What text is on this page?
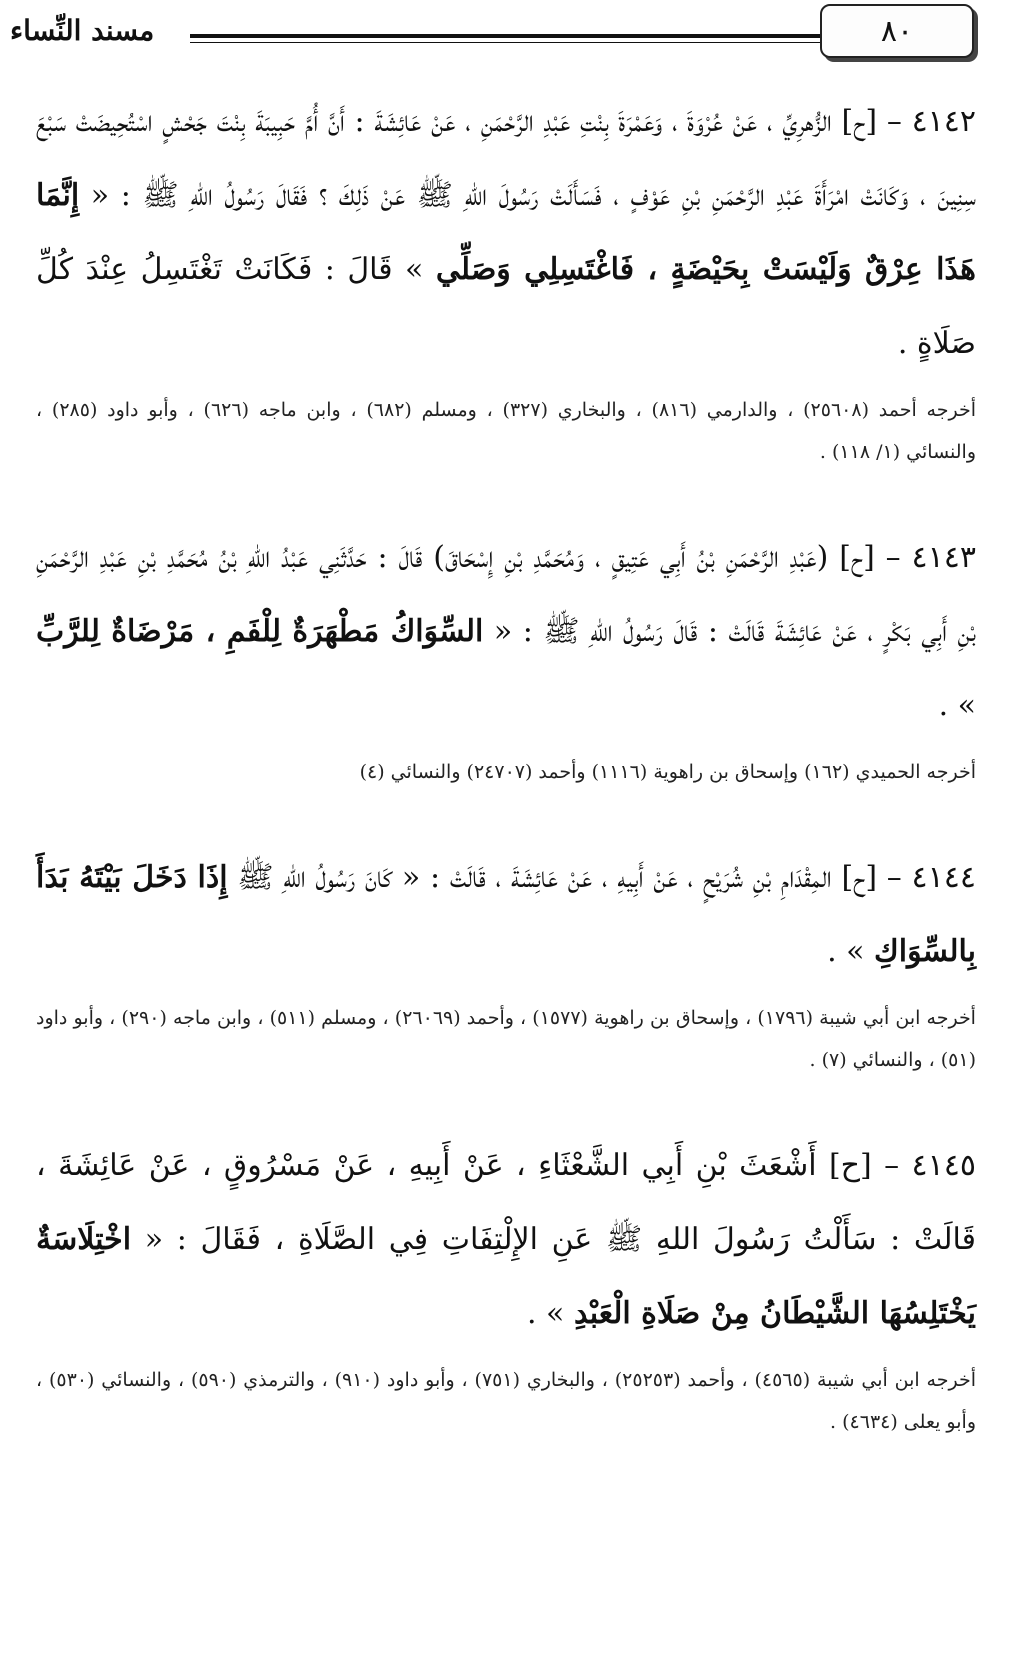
٨٠
مسند النِّساء

٤١٤٢ – [ح] الزُّهرِيِّ ، عَنْ عُرْوَةَ ، وَعَمْرَةَ بِنْتِ عَبْدِ الرَّحْمَنِ ، عَنْ عَائِشَةَ : أَنَّ أُمَّ حَبِيبَةَ بِنْتَ جَحْشٍ اسْتُحِيضَتْ سَبْعَ سِنِينَ ، وَكَانَتْ امْرَأَةَ عَبْدِ الرَّحْمَنِ بْنِ عَوْفٍ ، فَسَأَلَتْ رَسُولَ اللهِ ﷺ عَنْ ذَلِكَ ؟ فَقَالَ رَسُولُ اللهِ ﷺ : « إِنَّمَا هَذَا عِرْقٌ وَلَيْسَتْ بِحَيْضَةٍ ، فَاغْتَسِلِي وَصَلِّي » قَالَ : فَكَانَتْ تَغْتَسِلُ عِنْدَ كُلِّ صَلَاةٍ .

أخرجه أحمد (٢٥٦٠٨) ، والدارمي (٨١٦) ، والبخاري (٣٢٧) ، ومسلم (٦٨٢) ، وابن ماجه (٦٢٦) ، وأبو داود (٢٨٥) ، والنسائي (١/ ١١٨) .

٤١٤٣ – [ح] (عَبْدِ الرَّحْمَنِ بْنُ أَبِي عَتِيقٍ ، وَمُحَمَّدِ بْنِ إِسْحَاقَ) قَالَ : حَدَّثَنِي عَبْدُ اللهِ بْنُ مُحَمَّدِ بْنِ عَبْدِ الرَّحْمَنِ بْنِ أَبِي بَكْرٍ ، عَنْ عَائِشَةَ قَالَتْ : قَالَ رَسُولُ اللهِ ﷺ : « السِّوَاكُ مَطْهَرَةٌ لِلْفَمِ ، مَرْضَاةٌ لِلرَّبِّ » .

أخرجه الحميدي (١٦٢) وإسحاق بن راهوية (١١١٦) وأحمد (٢٤٧٠٧) والنسائي (٤)

٤١٤٤ – [ح] المِقْدَامِ بْنِ شُرَيْحٍ ، عَنْ أَبِيهِ ، عَنْ عَائِشَةَ ، قَالَتْ : « كَانَ رَسُولُ اللهِ ﷺ إِذَا دَخَلَ بَيْتَهُ بَدَأَ بِالسِّوَاكِ » .

أخرجه ابن أبي شيبة (١٧٩٦) ، وإسحاق بن راهوية (١٥٧٧) ، وأحمد (٢٦٠٦٩) ، ومسلم (٥١١) ، وابن ماجه (٢٩٠) ، وأبو داود (٥١) ، والنسائي (٧) .

٤١٤٥ – [ح] أَشْعَثَ بْنِ أَبِي الشَّعْثَاءِ ، عَنْ أَبِيهِ ، عَنْ مَسْرُوقٍ ، عَنْ عَائِشَةَ ، قَالَتْ : سَأَلْتُ رَسُولَ اللهِ ﷺ عَنِ الإِلْتِفَاتِ فِي الصَّلَاةِ ، فَقَالَ : « اخْتِلَاسَةٌ يَخْتَلِسُهَا الشَّيْطَانُ مِنْ صَلَاةِ الْعَبْدِ » .

أخرجه ابن أبي شيبة (٤٥٦٥) ، وأحمد (٢٥٢٥٣) ، والبخاري (٧٥١) ، وأبو داود (٩١٠) ، والترمذي (٥٩٠) ، والنسائي (٥٣٠) ، وأبو يعلى (٤٦٣٤) .
